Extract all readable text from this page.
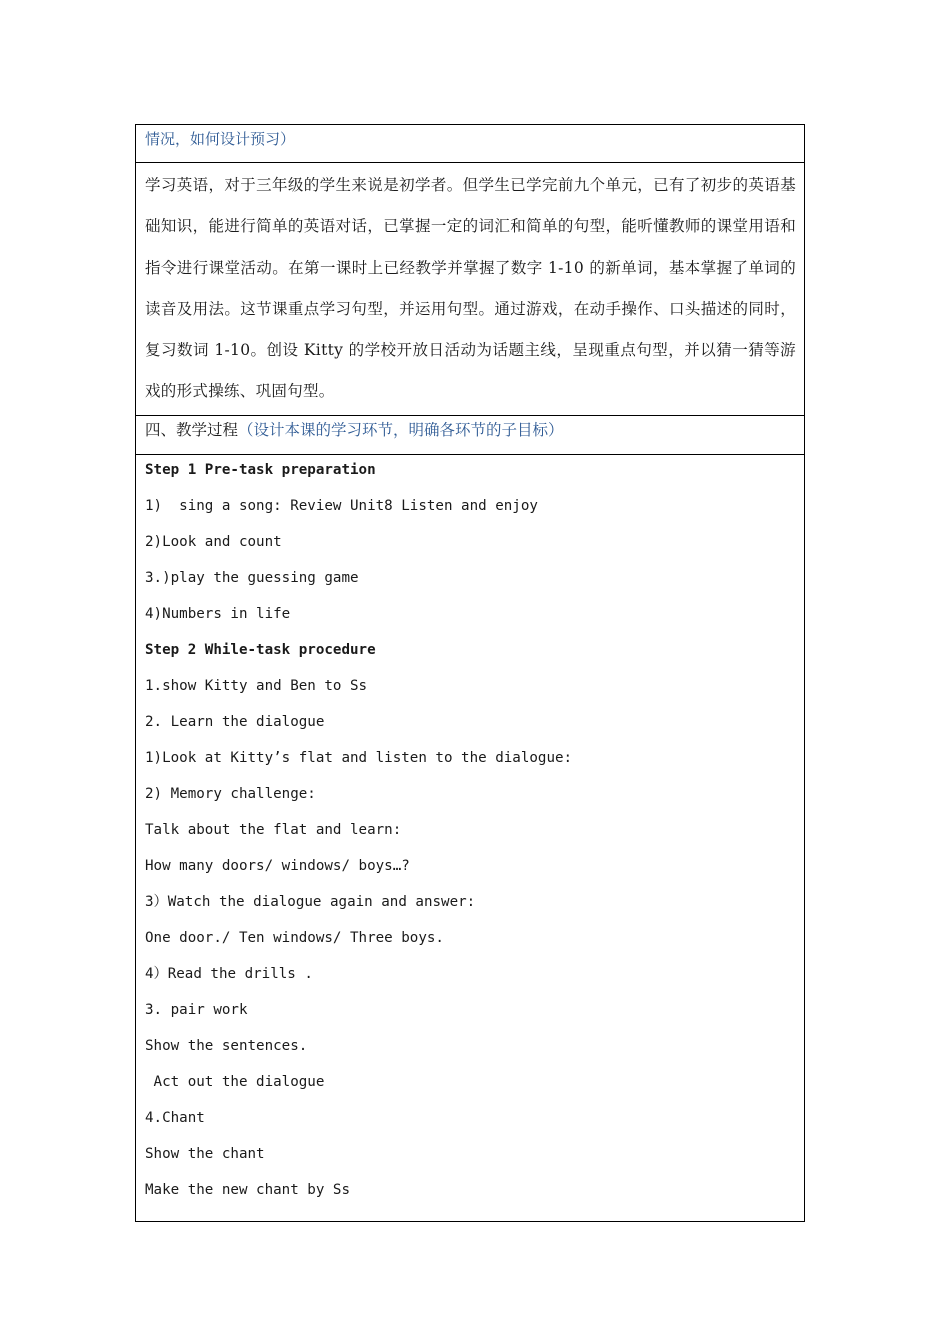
情况，如何设计预习）
学习英语，对于三年级的学生来说是初学者。但学生已学完前九个单元，已有了初步的英语基础知识，能进行简单的英语对话，已掌握一定的词汇和简单的句型，能听懂教师的课堂用语和指令进行课堂活动。在第一课时上已经教学并掌握了数字 1-10 的新单词，基本掌握了单词的读音及用法。这节课重点学习句型，并运用句型。通过游戏，在动手操作、口头描述的同时，复习数词 1-10。创设 Kitty 的学校开放日活动为话题主线，呈现重点句型，并以猜一猜等游戏的形式操练、巩固句型。
四、教学过程（设计本课的学习环节，明确各环节的子目标）
Step 1 Pre-task preparation
1)  sing a song: Review Unit8 Listen and enjoy
2)Look and count
3.)play the guessing game
4)Numbers in life
Step 2 While-task procedure
1.show Kitty and Ben to Ss
2. Learn the dialogue
1)Look at Kitty’s flat and listen to the dialogue:
2) Memory challenge:
Talk about the flat and learn:
How many doors/ windows/ boys…?
3）Watch the dialogue again and answer:
One door./ Ten windows/ Three boys.
4）Read the drills .
3. pair work
Show the sentences.
Act out the dialogue
4.Chant
Show the chant
Make the new chant by Ss
